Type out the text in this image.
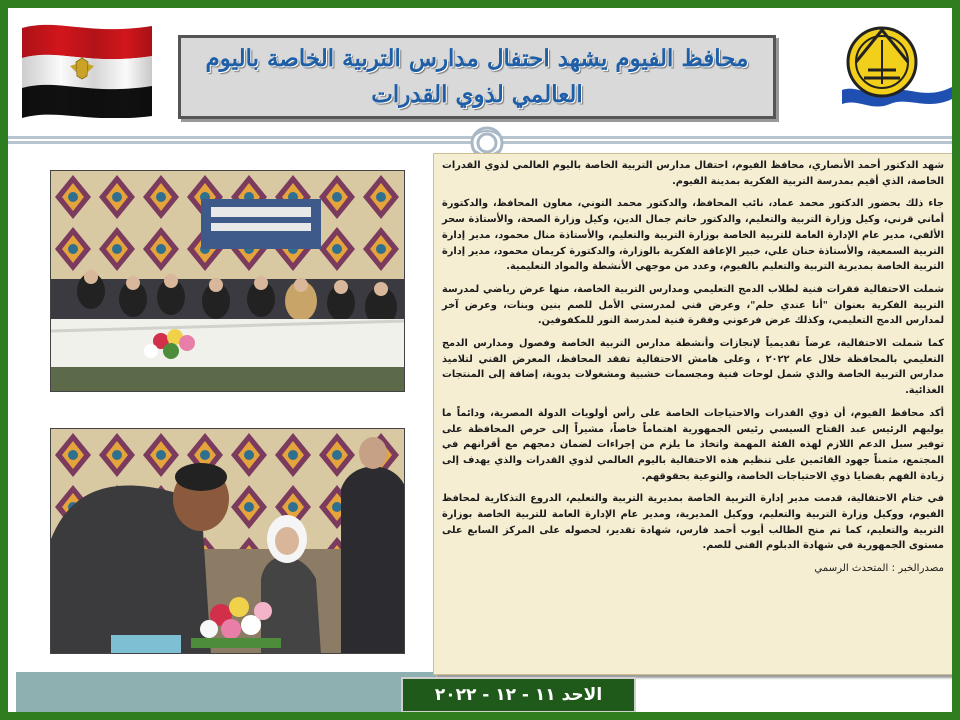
محافظ الفيوم يشهد احتفال مدارس التربية الخاصة باليوم العالمي لذوي القدرات

شهد الدكتور أحمد الأنصاري، محافظ الفيوم، احتفال مدارس التربية الخاصة باليوم العالمي لذوي القدرات الخاصة، الذي أقيم بمدرسة التربية الفكرية بمدينة الفيوم.

جاء ذلك بحضور الدكتور محمد عماد، نائب المحافظ، والدكتور محمد التوني، معاون المحافظ، والدكتورة أماني قرني، وكيل وزارة التربية والتعليم، والدكتور حاتم جمال الدين، وكيل وزارة الصحة، والأستاذة سحر الألفي، مدير عام الإدارة العامة للتربية الخاصة بوزارة التربية والتعليم، والأستاذة منال محمود، مدير إدارة التربية السمعية، والأستاذة حنان علي، خبير الإعاقة الفكرية بالوزارة، والدكتورة كريمان محمود، مدير إدارة التربية الخاصة بمديرية التربية والتعليم بالفيوم، وعدد من موجهي الأنشطة والمواد التعليمية.

شملت الاحتفالية فقرات فنية لطلاب الدمج التعليمي ومدارس التربية الخاصة، منها عرض رياضي لمدرسة التربية الفكرية بعنوان "أنا عندي حلم"، وعرض فني لمدرستي الأمل للصم بنين وبنات، وعرض آخر لمدارس الدمج التعليمي، وكذلك عرض فرعوني وفقرة فنية لمدرسة النور للمكفوفين.

كما شملت الاحتفالية، عرضاً تقديمياً لإنجازات وأنشطة مدارس التربية الخاصة وفصول ومدارس الدمج التعليمي بالمحافظة خلال عام ٢٠٢٢ ، وعلى هامش الاحتفالية تفقد المحافظ، المعرض الفني لتلاميذ مدارس التربية الخاصة والذي شمل لوحات فنية ومجسمات خشبية ومشغولات يدوية، إضافة إلى المنتجات الغذائية.

أكد محافظ الفيوم، أن ذوي القدرات والاحتياجات الخاصة على رأس أولويات الدولة المصرية، ودائماً ما يوليهم الرئيس عبد الفتاح السيسي رئيس الجمهورية اهتماماً خاصاً، مشيراً إلى حرص المحافظة على توفير سبل الدعم اللازم لهذه الفئة المهمة واتخاذ ما يلزم من إجراءات لضمان دمجهم مع أقرانهم في المجتمع، مثمناً جهود القائمين على تنظيم هذه الاحتفالية باليوم العالمي لذوي القدرات والذي يهدف إلى زيادة الفهم بقضايا ذوي الاحتياجات الخاصة، والتوعية بحقوقهم.

في ختام الاحتفالية، قدمت مدير إدارة التربية الخاصة بمديرية التربية والتعليم، الدروع التذكارية لمحافظ الفيوم، ووكيل وزارة التربية والتعليم، ووكيل المديرية، ومدير عام الإدارة العامة للتربية الخاصة بوزارة التربية والتعليم، كما تم منح الطالب أيوب أحمد فارس، شهادة تقدير، لحصوله على المركز السابع على مستوى الجمهورية في شهادة الدبلوم الفني للصم.

مصدرالخبر : المتحدث الرسمي
الاحد ١١ - ١٢ - ٢٠٢٢
